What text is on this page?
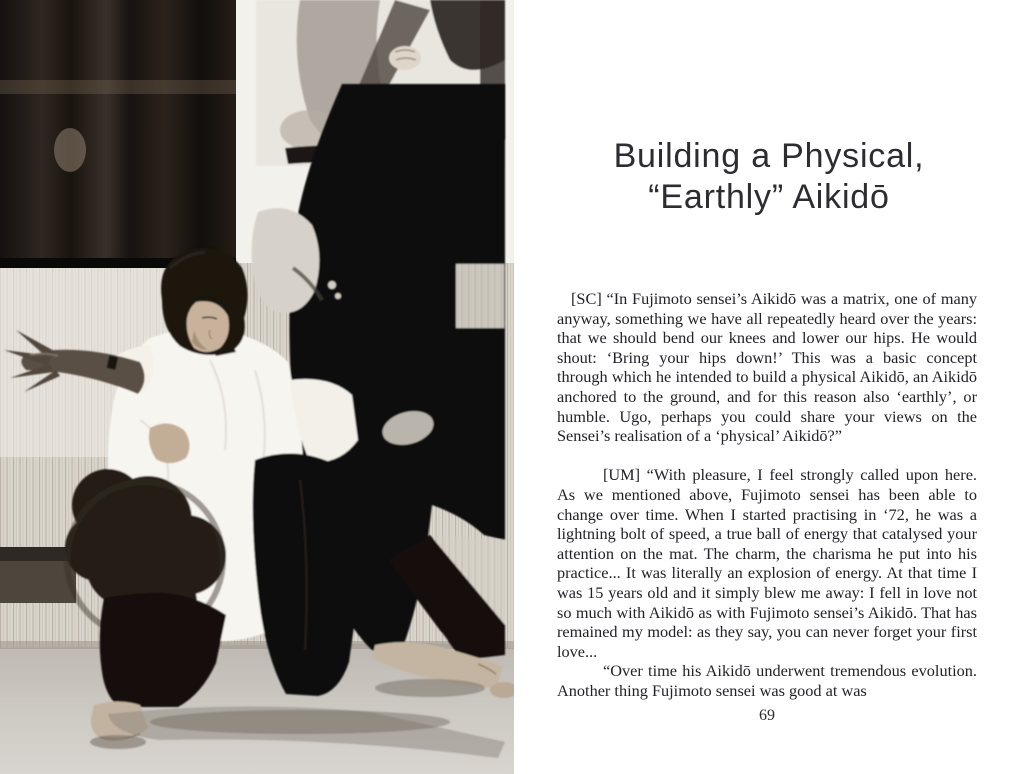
Building a Physical,
“Earthly” Aikidō

[SC] “In Fujimoto sensei’s Aikidō was a matrix, one of many anyway, something we have all repeatedly heard over the years: that we should bend our knees and lower our hips. He would shout: ‘Bring your hips down!’ This was a basic concept through which he intended to build a physical Aikidō, an Aikidō anchored to the ground, and for this reason also ‘earthly’, or humble. Ugo, perhaps you could share your views on the Sensei’s realisation of a ‘physical’ Aikidō?”

[UM] “With pleasure, I feel strongly called upon here. As we mentioned above, Fujimoto sensei has been able to change over time. When I started practising in ‘72, he was a lightning bolt of speed, a true ball of energy that catalysed your attention on the mat. The charm, the charisma he put into his practice... It was literally an explosion of energy. At that time I was 15 years old and it simply blew me away: I fell in love not so much with Aikidō as with Fujimoto sensei’s Aikidō. That has remained my model: as they say, you can never forget your first love...

“Over time his Aikidō underwent tremendous evolution. Another thing Fujimoto sensei was good at was

69
